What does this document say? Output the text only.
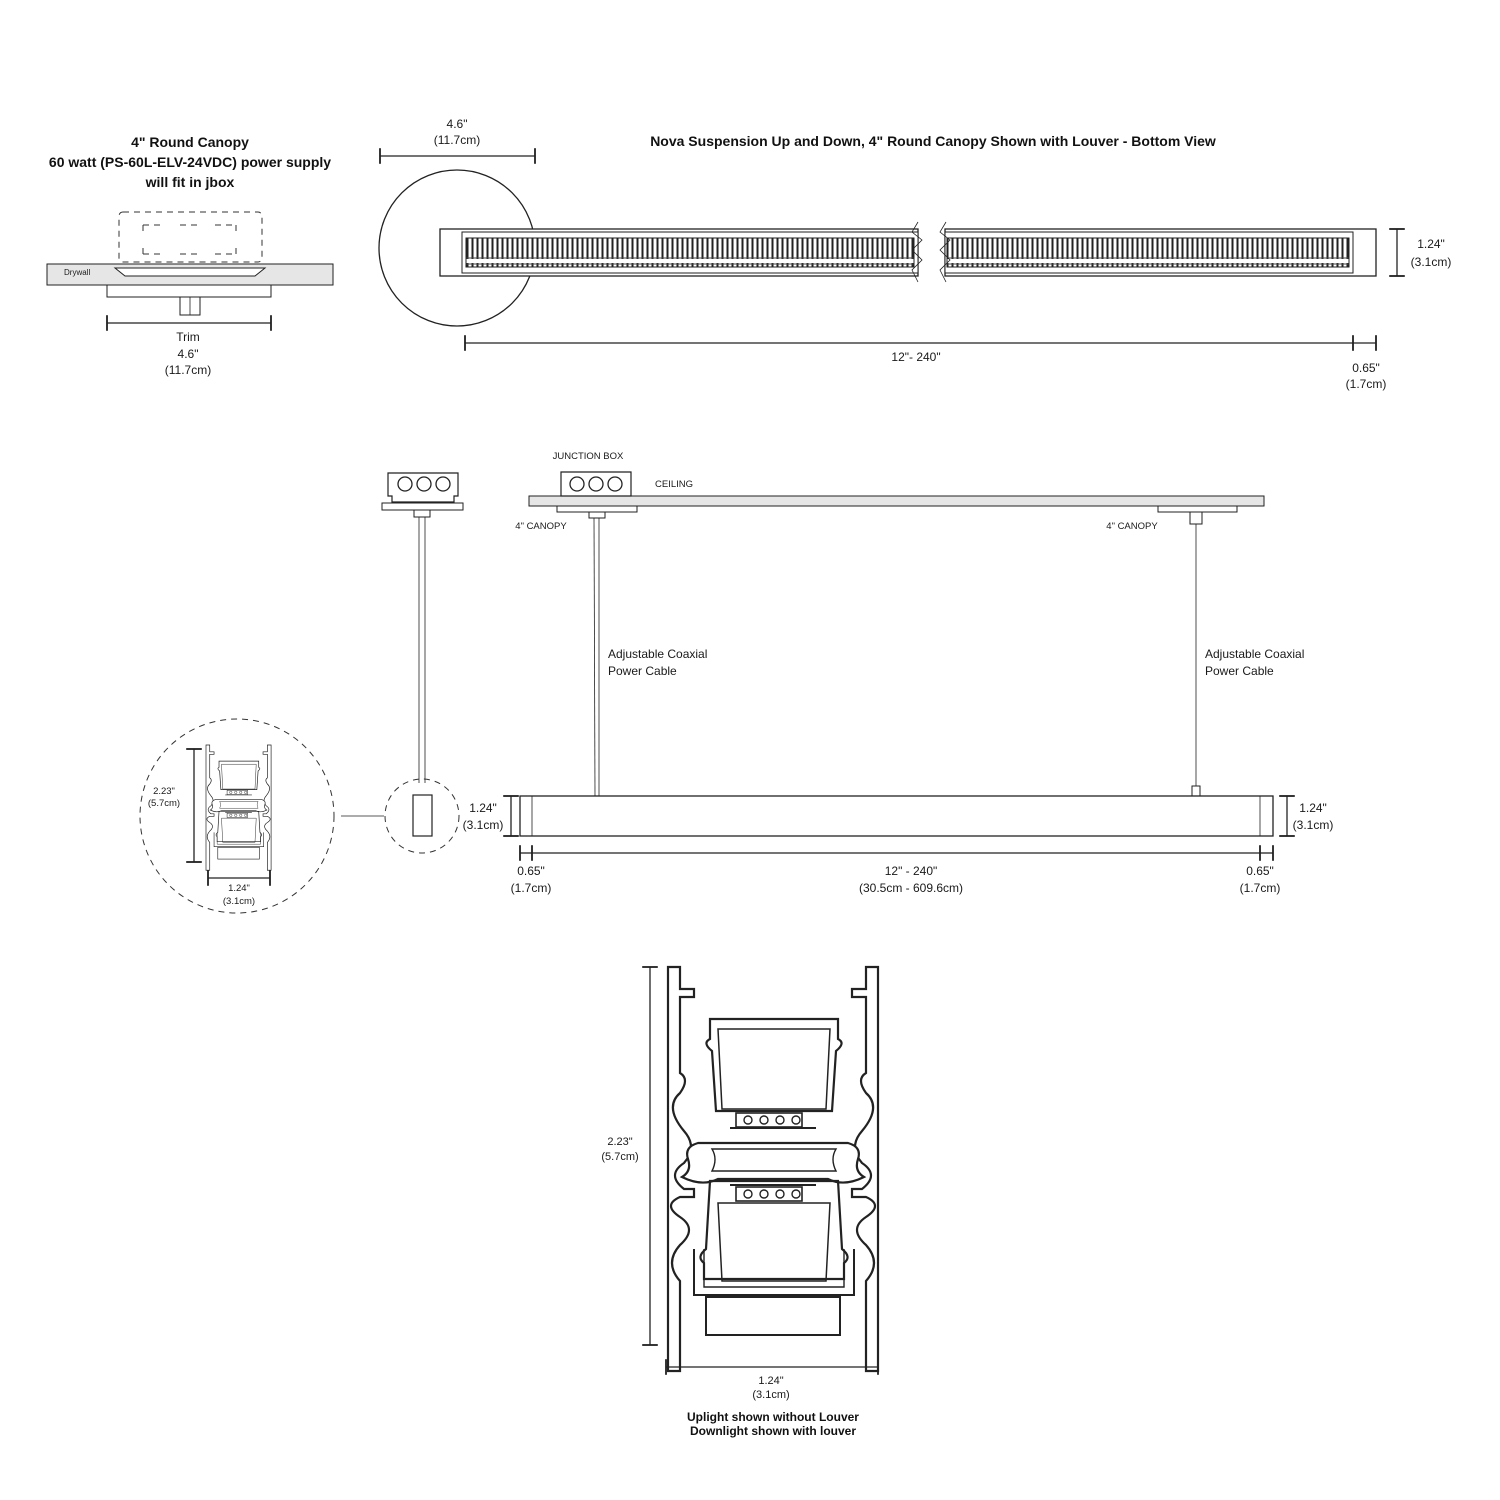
4" Round Canopy
60 watt (PS-60L-ELV-24VDC) power supply
will fit in jbox
Drywall
Trim
4.6"
(11.7cm)
Nova Suspension Up and Down, 4" Round Canopy Shown with Louver - Bottom View
4.6"
(11.7cm)
1.24"
(3.1cm)
12"- 240"
0.65"
(1.7cm)
CEILING
JUNCTION BOX
4" CANOPY
Adjustable Coaxial
Power Cable
4" CANOPY
Adjustable Coaxial
Power Cable
1.24"
(3.1cm)
1.24"
(3.1cm)
0.65"
(1.7cm)
12" - 240"
(30.5cm - 609.6cm)
0.65"
(1.7cm)
2.23"
(5.7cm)
1.24"
(3.1cm)
2.23"
(5.7cm)
1.24"
(3.1cm)
Uplight shown without Louver
Downlight shown with louver
